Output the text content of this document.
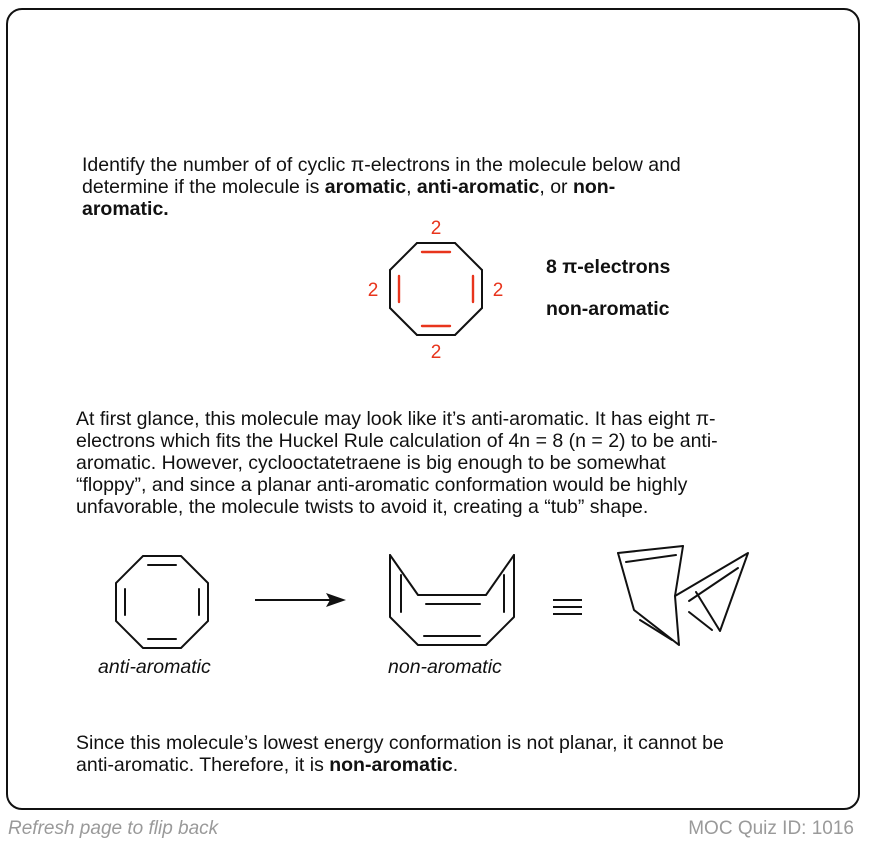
Identify the number of of cyclic π-electrons in the molecule below and
determine if the molecule is aromatic, anti-aromatic, or non-
aromatic.
2
2
2
2
8 π-electrons
non-aromatic
At first glance, this molecule may look like it’s anti-aromatic. It has eight π-
electrons which fits the Huckel Rule calculation of 4n = 8 (n = 2) to be anti-
aromatic. However, cyclooctatetraene is big enough to be somewhat
“floppy”, and since a planar anti-aromatic conformation would be highly
unfavorable, the molecule twists to avoid it, creating a “tub” shape.
anti-aromatic	non-aromatic
Since this molecule’s lowest energy conformation is not planar, it cannot be
anti-aromatic. Therefore, it is non-aromatic.
Refresh page to flip back	MOC Quiz ID: 1016
